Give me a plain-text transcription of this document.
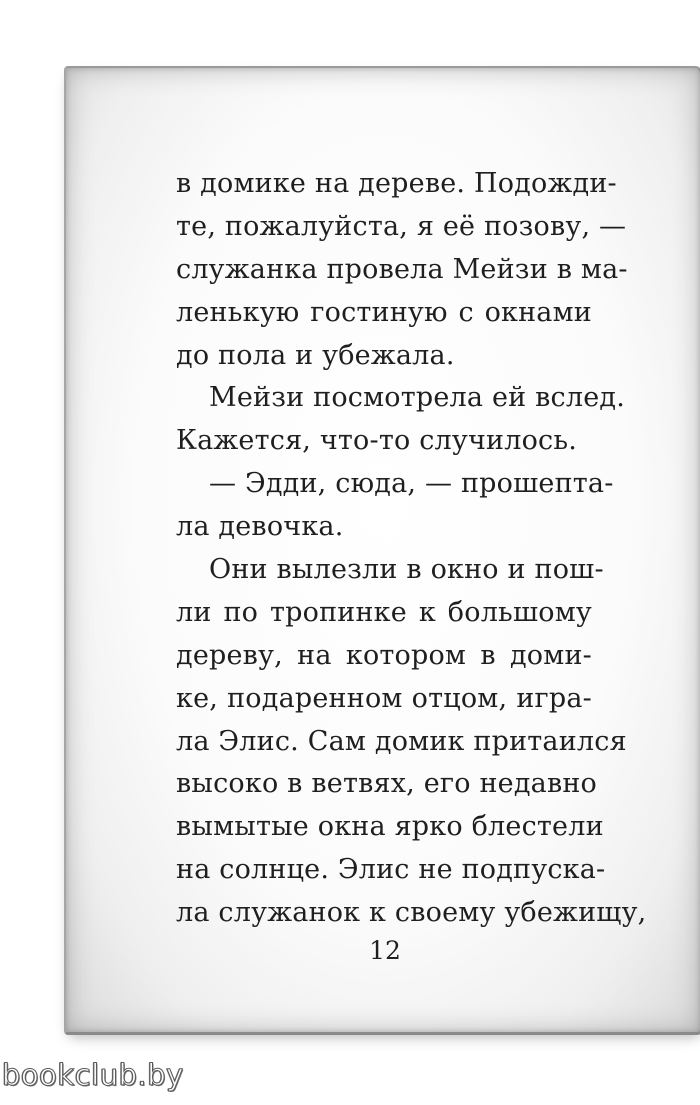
в домике на дереве. Подожди-
те, пожалуйста, я её позову, —
служанка провела Мейзи в ма-
ленькую гостиную с окнами
до пола и убежала.
Мейзи посмотрела ей вслед.
Кажется, что-то случилось.
— Эдди, сюда, — прошепта-
ла девочка.
Они вылезли в окно и пош-
ли по тропинке к большому
дереву, на котором в доми-
ке, подаренном отцом, игра-
ла Элис. Сам домик притаился
высоко в ветвях, его недавно
вымытые окна ярко блестели
на солнце. Элис не подпуска-
ла служанок к своему убежищу,
12
bookclub.by
